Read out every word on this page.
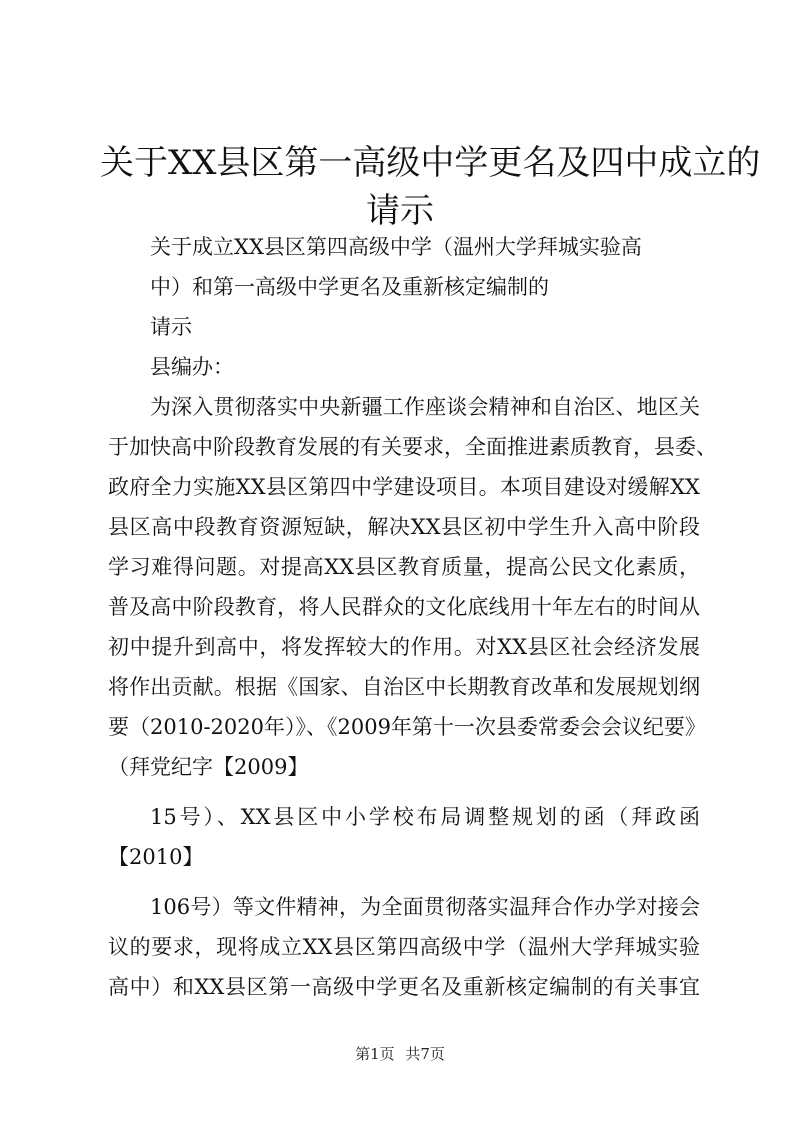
关于XX县区第一高级中学更名及四中成立的
请示

关于成立XX县区第四高级中学（温州大学拜城实验高

中）和第一高级中学更名及重新核定编制的

请示

县编办：

为深入贯彻落实中央新疆工作座谈会精神和自治区、地区关

于加快高中阶段教育发展的有关要求，全面推进素质教育，县委、

政府全力实施XX县区第四中学建设项目。本项目建设对缓解XX

县区高中段教育资源短缺，解决XX县区初中学生升入高中阶段

学习难得问题。对提高XX县区教育质量，提高公民文化素质，

普及高中阶段教育，将人民群众的文化底线用十年左右的时间从

初中提升到高中，将发挥较大的作用。对XX县区社会经济发展

将作出贡献。根据《国家、自治区中长期教育改革和发展规划纲

要（2010-2020年）》、《2009年第十一次县委常委会会议纪要》

（拜党纪字【2009】

15号）、XX县区中小学校布局调整规划的函（拜政函

【2010】

106号）等文件精神，为全面贯彻落实温拜合作办学对接会

议的要求，现将成立XX县区第四高级中学（温州大学拜城实验

高中）和XX县区第一高级中学更名及重新核定编制的有关事宜

第1页 共7页
